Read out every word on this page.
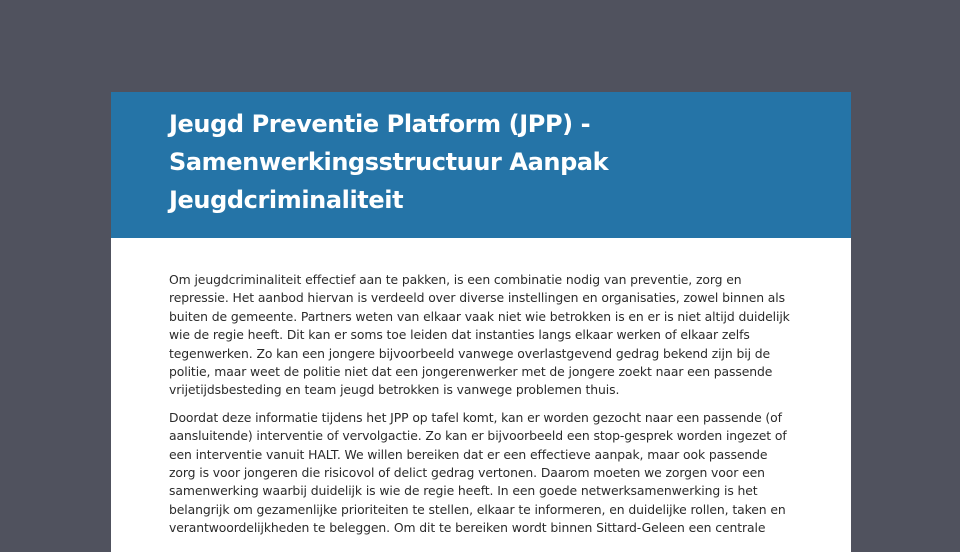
Jeugd Preventie Platform (JPP) - Samenwerkingsstructuur Aanpak Jeugdcriminaliteit

Om jeugdcriminaliteit effectief aan te pakken, is een combinatie nodig van preventie, zorg en repressie. Het aanbod hiervan is verdeeld over diverse instellingen en organisaties, zowel binnen als buiten de gemeente. Partners weten van elkaar vaak niet wie betrokken is en er is niet altijd duidelijk wie de regie heeft. Dit kan er soms toe leiden dat instanties langs elkaar werken of elkaar zelfs tegenwerken. Zo kan een jongere bijvoorbeeld vanwege overlastgevend gedrag bekend zijn bij de politie, maar weet de politie niet dat een jongerenwerker met de jongere zoekt naar een passende vrijetijdsbesteding en team jeugd betrokken is vanwege problemen thuis.

Doordat deze informatie tijdens het JPP op tafel komt, kan er worden gezocht naar een passende (of aansluitende) interventie of vervolgactie. Zo kan er bijvoorbeeld een stop-gesprek worden ingezet of een interventie vanuit HALT. We willen bereiken dat er een effectieve aanpak, maar ook passende zorg is voor jongeren die risicovol of delict gedrag vertonen. Daarom moeten we zorgen voor een samenwerking waarbij duidelijk is wie de regie heeft. In een goede netwerksamenwerking is het belangrijk om gezamenlijke prioriteiten te stellen, elkaar te informeren, en duidelijke rollen, taken en verantwoordelijkheden te beleggen. Om dit te bereiken wordt binnen Sittard-Geleen een centrale
